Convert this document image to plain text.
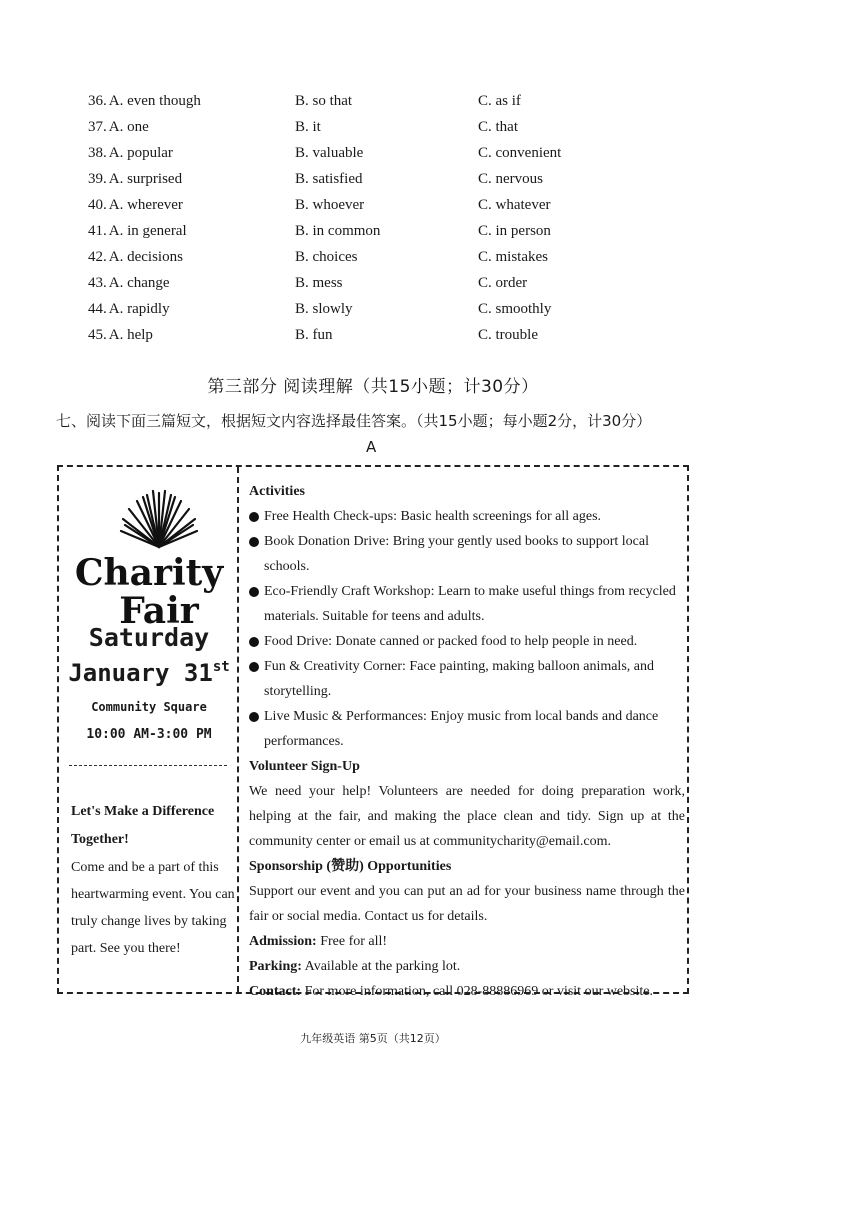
36. A. even though	B. so that	C. as if
37. A. one	B. it	C. that
38. A. popular	B. valuable	C. convenient
39. A. surprised	B. satisfied	C. nervous
40. A. wherever	B. whoever	C. whatever
41. A. in general	B. in common	C. in person
42. A. decisions	B. choices	C. mistakes
43. A. change	B. mess	C. order
44. A. rapidly	B. slowly	C. smoothly
45. A. help	B. fun	C. trouble
第三部分 阅读理解（共15小题；计30分）
七、阅读下面三篇短文，根据短文内容选择最佳答案。（共15小题；每小题2分，计30分）
A
Charity
Fair
Saturday
January 31st
Community Square
10:00 AM-3:00 PM
Let's Make a Difference Together!
Come and be a part of this heartwarming event. You can truly change lives by taking part. See you there!
Activities
Free Health Check-ups: Basic health screenings for all ages.
Book Donation Drive: Bring your gently used books to support local schools.
Eco-Friendly Craft Workshop: Learn to make useful things from recycled materials. Suitable for teens and adults.
Food Drive: Donate canned or packed food to help people in need.
Fun & Creativity Corner: Face painting, making balloon animals, and storytelling.
Live Music & Performances: Enjoy music from local bands and dance performances.
Volunteer Sign-Up
We need your help! Volunteers are needed for doing preparation work, helping at the fair, and making the place clean and tidy. Sign up at the community center or email us at communitycharity@email.com.
Sponsorship (赞助) Opportunities
Support our event and you can put an ad for your business name through the fair or social media. Contact us for details.
Admission: Free for all!
Parking: Available at the parking lot.
Contact: For more information, call 028-88886969 or visit our website.
九年级英语 第5页（共12页）
